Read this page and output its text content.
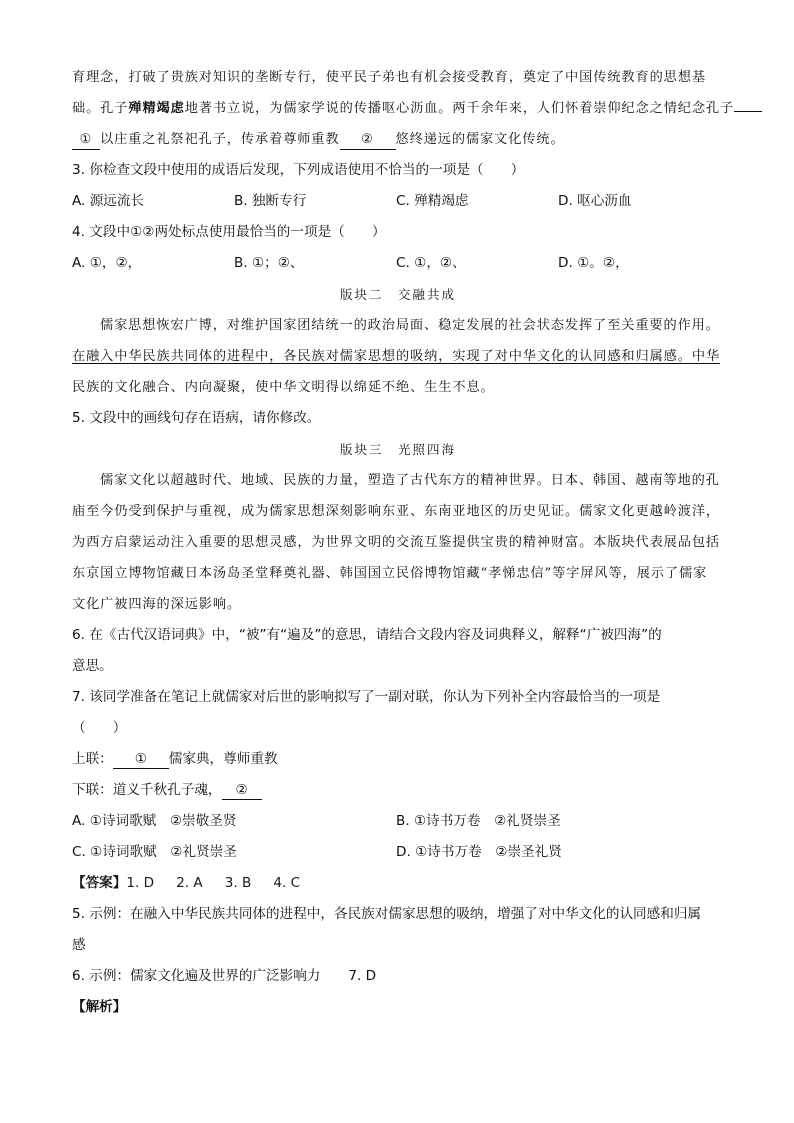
育理念，打破了贵族对知识的垄断专行，使平民子弟也有机会接受教育，奠定了中国传统教育的思想基
础。孔子殚精竭虑地著书立说，为儒家学说的传播呕心沥血。两千余年来，人们怀着崇仰纪念之情纪念孔子
① 以庄重之礼祭祀孔子，传承着尊师重教 ② 悠终递远的儒家文化传统。
3. 你检查文段中使用的成语后发现，下列成语使用不恰当的一项是（　　）
A. 源远流长	B. 独断专行	C. 殚精竭虑	D. 呕心沥血
4. 文段中①②两处标点使用最恰当的一项是（　　）
A. ①，②，	B. ①；②、	C. ①，②、	D. ①。②，
版块二　交融共成
儒家思想恢宏广博，对维护国家团结统一的政治局面、稳定发展的社会状态发挥了至关重要的作用。
在融入中华民族共同体的进程中，各民族对儒家思想的吸纳，实现了对中华文化的认同感和归属感。中华
民族的文化融合、内向凝聚，使中华文明得以绵延不绝、生生不息。
5. 文段中的画线句存在语病，请你修改。
版块三　光照四海
儒家文化以超越时代、地域、民族的力量，塑造了古代东方的精神世界。日本、韩国、越南等地的孔
庙至今仍受到保护与重视，成为儒家思想深刻影响东亚、东南亚地区的历史见证。儒家文化更越岭渡洋，
为西方启蒙运动注入重要的思想灵感，为世界文明的交流互鉴提供宝贵的精神财富。本版块代表展品包括
东京国立博物馆藏日本汤岛圣堂释奠礼器、韩国国立民俗博物馆藏“孝悌忠信”等字屏风等，展示了儒家
文化广被四海的深远影响。
6. 在《古代汉语词典》中，“被”有“遍及”的意思，请结合文段内容及词典释义，解释“广被四海”的
意思。
7. 该同学准备在笔记上就儒家对后世的影响拟写了一副对联，你认为下列补全内容最恰当的一项是
（　　）
上联： ① 儒家典，尊师重教
下联：道义千秋孔子魂， ②
A. ①诗词歌赋　②崇敬圣贤	B. ①诗书万卷　②礼贤崇圣
C. ①诗词歌赋　②礼贤崇圣	D. ①诗书万卷　②崇圣礼贤
【答案】1. D 2. A 3. B 4. C
5. 示例：在融入中华民族共同体的进程中，各民族对儒家思想的吸纳，增强了对中华文化的认同感和归属
感
6. 示例：儒家文化遍及世界的广泛影响力 7. D
【解析】
